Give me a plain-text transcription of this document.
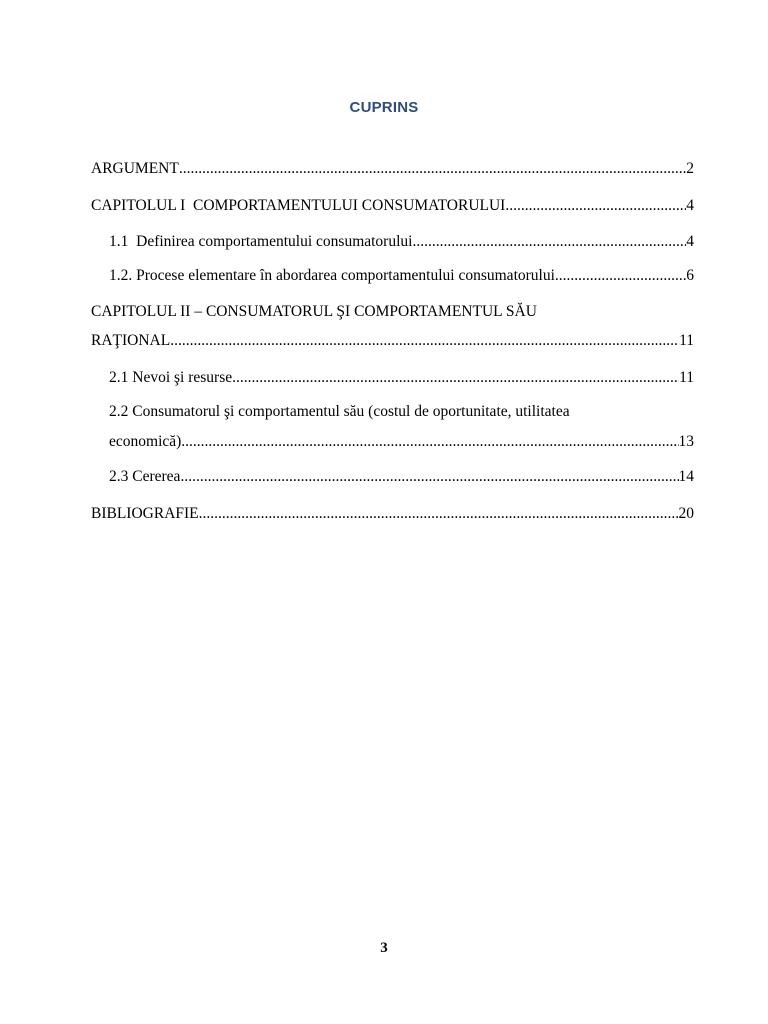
CUPRINS
ARGUMENT .....	2
CAPITOLUL I  COMPORTAMENTULUI CONSUMATORULUI .....	4
1.1  Definirea comportamentului consumatorului .....	4
1.2. Procese elementare în abordarea comportamentului consumatorului .....	6
CAPITOLUL II – CONSUMATORUL ŞI COMPORTAMENTUL SĂU
RAŢIONAL .....	11
2.1 Nevoi şi resurse .....	11
2.2 Consumatorul şi comportamentul său (costul de oportunitate, utilitatea
economică) .....	13
2.3 Cererea .....	14
BIBLIOGRAFIE .....	20
3
